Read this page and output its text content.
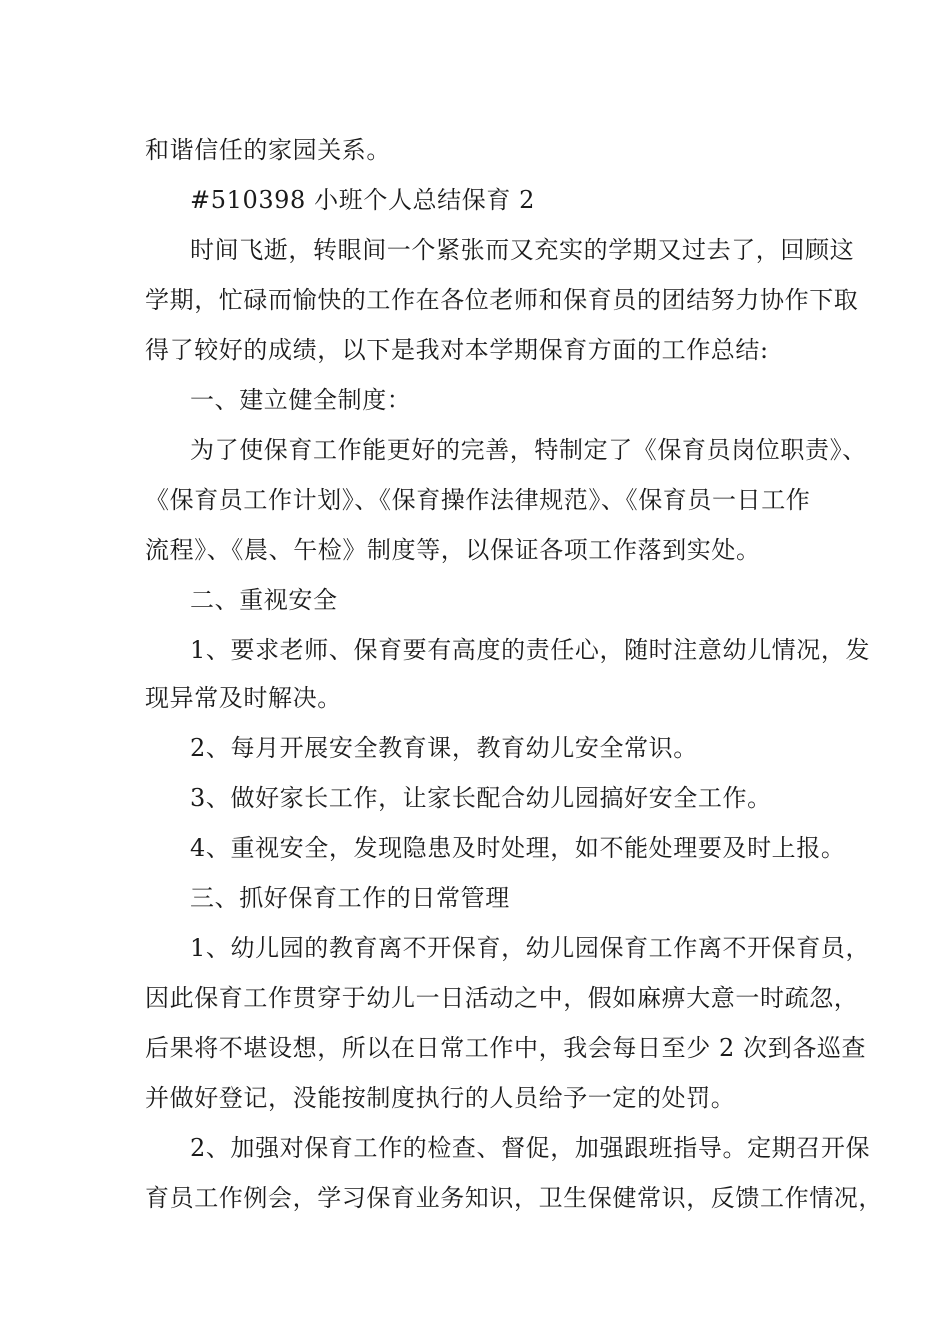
和谐信任的家园关系。
#510398 小班个人总结保育 2
时间飞逝，转眼间一个紧张而又充实的学期又过去了，回顾这
学期，忙碌而愉快的工作在各位老师和保育员的团结努力协作下取
得了较好的成绩，以下是我对本学期保育方面的工作总结:
一、建立健全制度：
为了使保育工作能更好的完善，特制定了《保育员岗位职责》、
《保育员工作计划》、《保育操作法律规范》、《保育员一日工作
流程》、《晨、午检》制度等，以保证各项工作落到实处。
二、重视安全
1、要求老师、保育要有高度的责任心，随时注意幼儿情况，发
现异常及时解决。
2、每月开展安全教育课，教育幼儿安全常识。
3、做好家长工作，让家长配合幼儿园搞好安全工作。
4、重视安全，发现隐患及时处理，如不能处理要及时上报。
三、抓好保育工作的日常管理
1、幼儿园的教育离不开保育，幼儿园保育工作离不开保育员，
因此保育工作贯穿于幼儿一日活动之中，假如麻痹大意一时疏忽，
后果将不堪设想，所以在日常工作中，我会每日至少 2 次到各巡查
并做好登记，没能按制度执行的人员给予一定的处罚。
2、加强对保育工作的检查、督促，加强跟班指导。定期召开保
育员工作例会，学习保育业务知识，卫生保健常识，反馈工作情况，
